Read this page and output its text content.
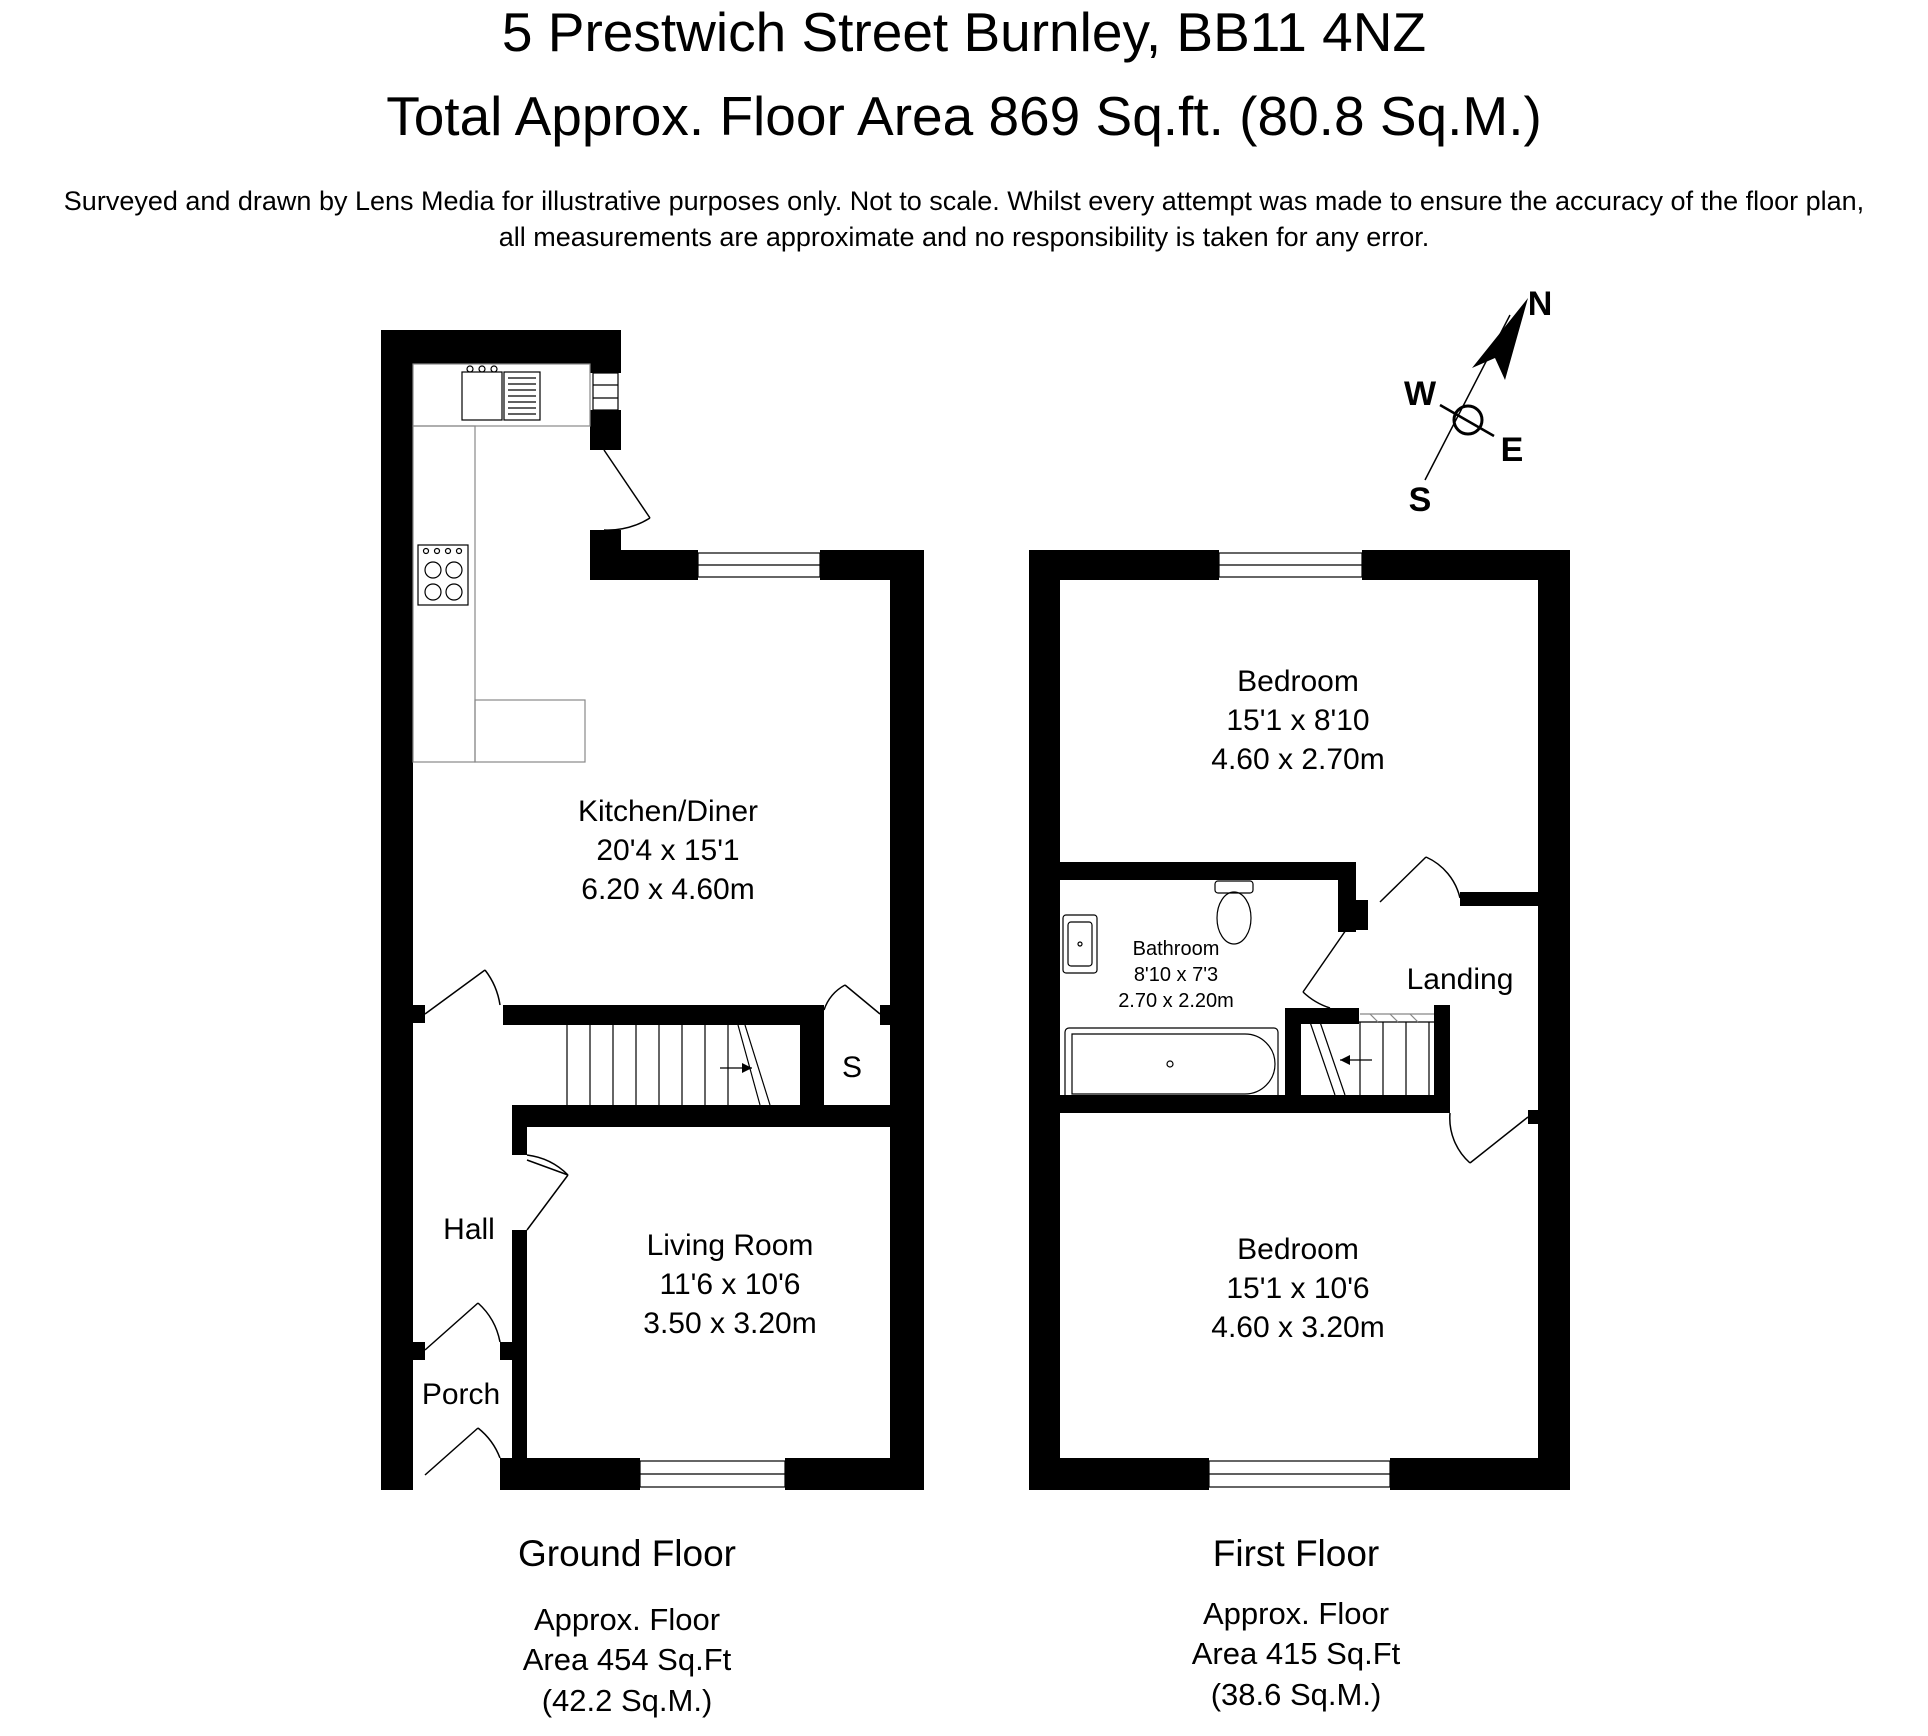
5 Prestwich Street Burnley, BB11 4NZ
Total Approx. Floor Area 869 Sq.ft. (80.8 Sq.M.)
Surveyed and drawn by Lens Media for illustrative purposes only. Not to scale. Whilst every attempt was made to ensure the accuracy of the floor plan,
all measurements are approximate and no responsibility is taken for any error.
N
W
E
S
Kitchen/Diner
20'4 x 15'1
6.20 x 4.60m
Living Room
11'6 x 10'6
3.50 x 3.20m
Hall
Porch
S
Bedroom
15'1 x 8'10
4.60 x 2.70m
Bathroom
8'10 x 7'3
2.70 x 2.20m
Landing
Bedroom
15'1 x 10'6
4.60 x 3.20m
Ground Floor
Approx. Floor
Area 454 Sq.Ft
(42.2 Sq.M.)
First Floor
Approx. Floor
Area 415 Sq.Ft
(38.6 Sq.M.)
